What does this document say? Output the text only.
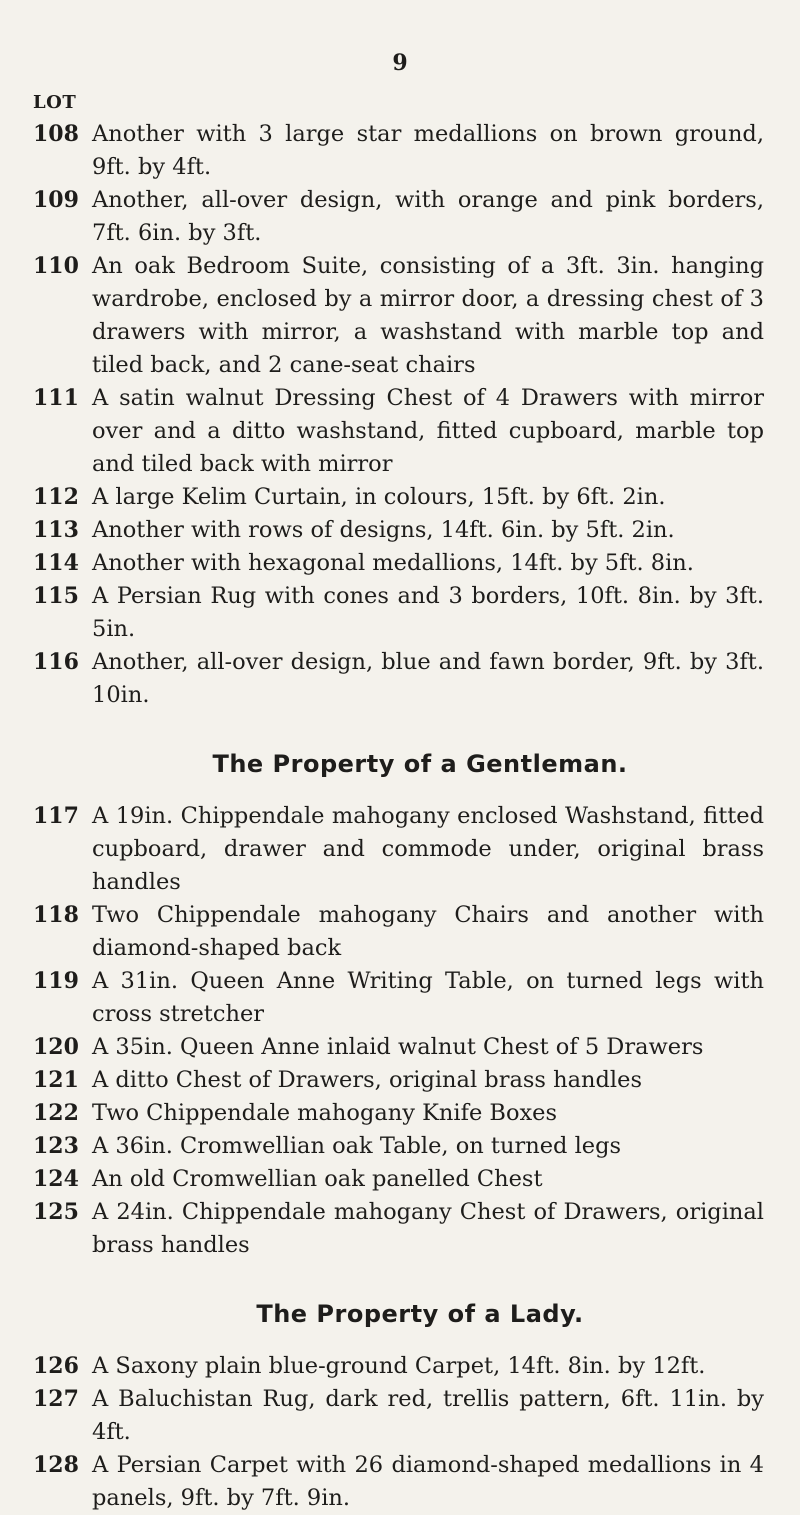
9
LOT
108 Another with 3 large star medallions on brown ground, 9ft. by 4ft.
109 Another, all-over design, with orange and pink borders, 7ft. 6in. by 3ft.
110 An oak Bedroom Suite, consisting of a 3ft. 3in. hanging wardrobe, enclosed by a mirror door, a dressing chest of 3 drawers with mirror, a washstand with marble top and tiled back, and 2 cane-seat chairs
111 A satin walnut Dressing Chest of 4 Drawers with mirror over and a ditto washstand, fitted cupboard, marble top and tiled back with mirror
112 A large Kelim Curtain, in colours, 15ft. by 6ft. 2in.
113 Another with rows of designs, 14ft. 6in. by 5ft. 2in.
114 Another with hexagonal medallions, 14ft. by 5ft. 8in.
115 A Persian Rug with cones and 3 borders, 10ft. 8in. by 3ft. 5in.
116 Another, all-over design, blue and fawn border, 9ft. by 3ft. 10in.
The Property of a Gentleman.
117 A 19in. Chippendale mahogany enclosed Washstand, fitted cupboard, drawer and commode under, original brass handles
118 Two Chippendale mahogany Chairs and another with diamond-shaped back
119 A 31in. Queen Anne Writing Table, on turned legs with cross stretcher
120 A 35in. Queen Anne inlaid walnut Chest of 5 Drawers
121 A ditto Chest of Drawers, original brass handles
122 Two Chippendale mahogany Knife Boxes
123 A 36in. Cromwellian oak Table, on turned legs
124 An old Cromwellian oak panelled Chest
125 A 24in. Chippendale mahogany Chest of Drawers, original brass handles
The Property of a Lady.
126 A Saxony plain blue-ground Carpet, 14ft. 8in. by 12ft.
127 A Baluchistan Rug, dark red, trellis pattern, 6ft. 11in. by 4ft.
128 A Persian Carpet with 26 diamond-shaped medallions in 4 panels, 9ft. by 7ft. 9in.
